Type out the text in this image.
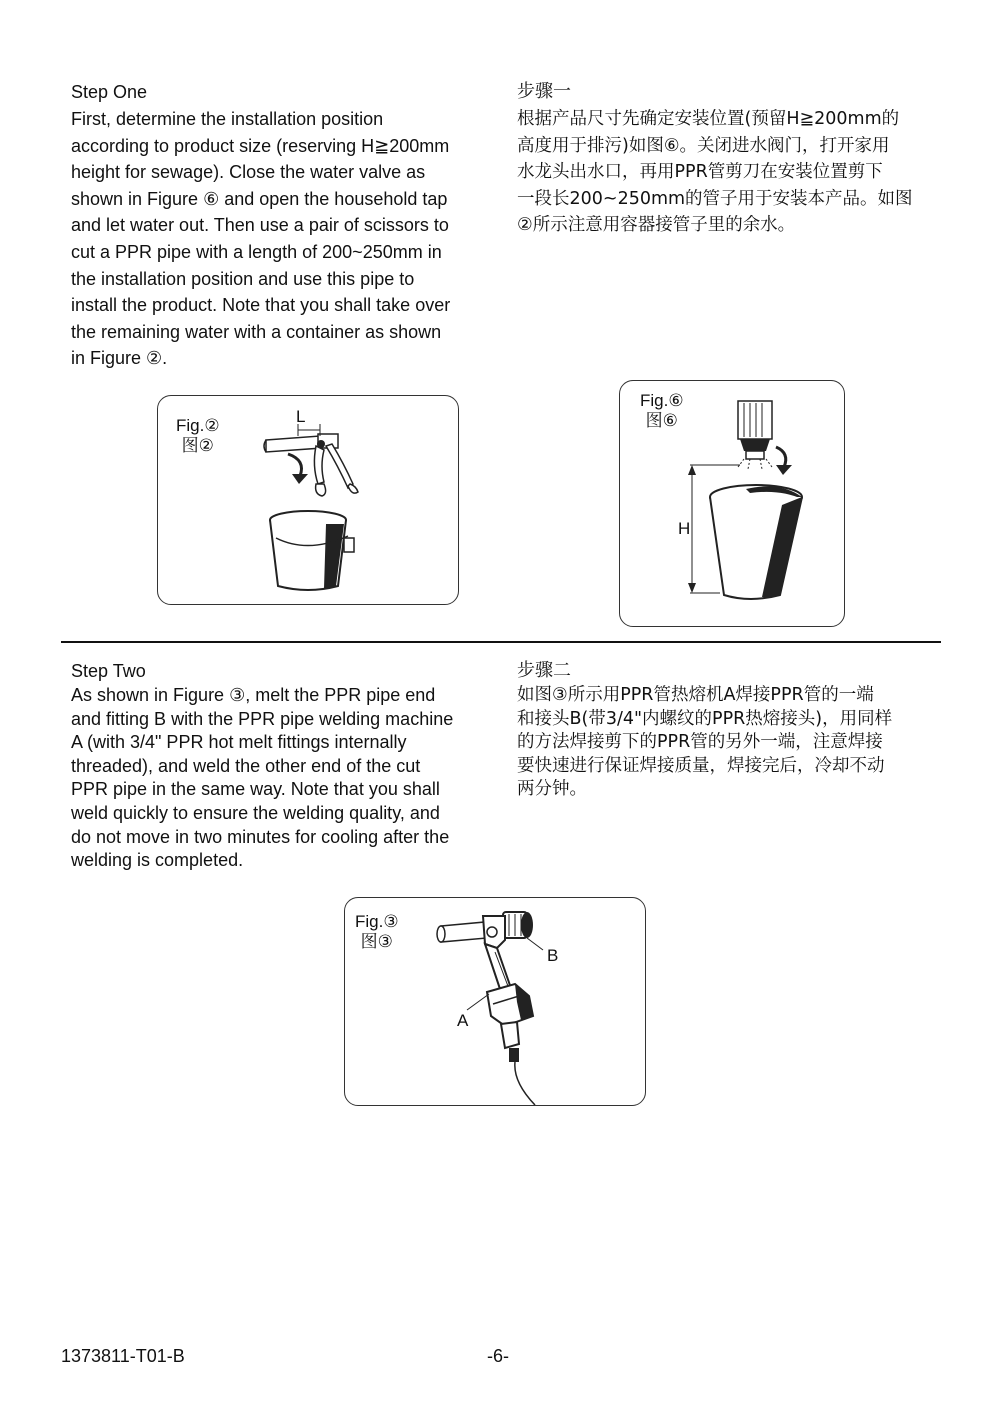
Step One

First, determine the installation position

according to product size (reserving H≧200mm

height for sewage). Close the water valve as

shown in Figure ⑥ and open the household tap

and let water out. Then use a pair of scissors to

cut a PPR pipe with a length of 200~250mm in

the installation position and use this pipe to

install the product. Note that you shall take over

the remaining water with a container as shown

in Figure ②.

步骤一

根据产品尺寸先确定安装位置(预留H≧200mm的

高度用于排污)如图⑥。关闭进水阀门，打开家用

水龙头出水口，再用PPR管剪刀在安装位置剪下

一段长200~250mm的管子用于安装本产品。如图

②所示注意用容器接管子里的余水。

Fig.②
图②
L
Fig.⑥
图⑥
H
Step Two

As shown in Figure ③, melt the PPR pipe end

and fitting B with the PPR pipe welding machine

A (with 3/4" PPR hot melt fittings internally

threaded), and weld the other end of the cut

PPR pipe in the same way. Note that you shall

weld quickly to ensure the welding quality, and

do not move in two minutes for cooling after the

welding is completed.

步骤二

如图③所示用PPR管热熔机A焊接PPR管的一端

和接头B(带3/4"内螺纹的PPR热熔接头)，用同样

的方法焊接剪下的PPR管的另外一端，注意焊接

要快速进行保证焊接质量，焊接完后，冷却不动

两分钟。

Fig.③
图③
B
A
1373811-T01-B	-6-
